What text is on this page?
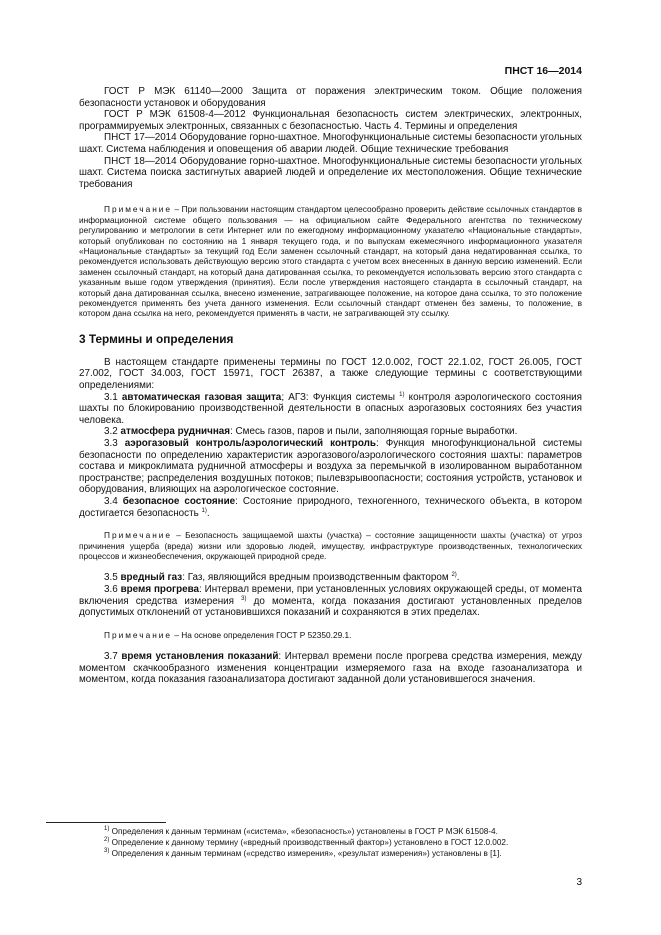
ПНСТ 16—2014

ГОСТ Р МЭК 61140—2000 Защита от поражения электрическим током. Общие положения безопасности установок и оборудования

ГОСТ Р МЭК 61508-4—2012 Функциональная безопасность систем электрических, электронных, программируемых электронных, связанных с безопасностью. Часть 4. Термины и определения

ПНСТ 17—2014 Оборудование горно-шахтное. Многофункциональные системы безопасности угольных шахт. Система наблюдения и оповещения об аварии людей. Общие технические требования

ПНСТ 18—2014 Оборудование горно-шахтное. Многофункциональные системы безопасности угольных шахт. Система поиска застигнутых аварией людей и определение их местоположения. Общие технические требования

Примечание – При пользовании настоящим стандартом целесообразно проверить действие ссылочных стандартов в информационной системе общего пользования — на официальном сайте Федерального агентства по техническому регулированию и метрологии в сети Интернет или по ежегодному информационному указателю «Национальные стандарты», который опубликован по состоянию на 1 января текущего года, и по выпускам ежемесячного информационного указателя «Национальные стандарты» за текущий год Если заменен ссылочный стандарт, на который дана недатированная ссылка, то рекомендуется использовать действующую версию этого стандарта с учетом всех внесенных в данную версию изменений. Если заменен ссылочный стандарт, на который дана датированная ссылка, то рекомендуется использовать версию этого стандарта с указанным выше годом утверждения (принятия). Если после утверждения настоящего стандарта в ссылочный стандарт, на который дана датированная ссылка, внесено изменение, затрагивающее положение, на которое дана ссылка, то это положение рекомендуется применять без учета данного изменения. Если ссылочный стандарт отменен без замены, то положение, в котором дана ссылка на него, рекомендуется применять в части, не затрагивающей эту ссылку.

3 Термины и определения

В настоящем стандарте применены термины по ГОСТ 12.0.002, ГОСТ 22.1.02, ГОСТ 26.005, ГОСТ 27.002, ГОСТ 34.003, ГОСТ 15971, ГОСТ 26387, а также следующие термины с соответствующими определениями:

3.1 автоматическая газовая защита; АГЗ: Функция системы $^{1)}$ контроля аэрологического состояния шахты по блокированию производственной деятельности в опасных аэрогазовых состояниях без участия человека.

3.2 атмосфера рудничная: Смесь газов, паров и пыли, заполняющая горные выработки.

3.3 аэрогазовый контроль/аэрологический контроль: Функция многофункциональной системы безопасности по определению характеристик аэрогазового/аэрологического состояния шахты: параметров состава и микроклимата рудничной атмосферы и воздуха за перемычкой в изолированном выработанном пространстве; распределения воздушных потоков; пылевзрывоопасности; состояния устройств, установок и оборудования, влияющих на аэрологическое состояние.

3.4 безопасное состояние: Состояние природного, техногенного, технического объекта, в котором достигается безопасность $^{1)}$.

Примечание – Безопасность защищаемой шахты (участка) – состояние защищенности шахты (участка) от угроз причинения ущерба (вреда) жизни или здоровью людей, имуществу, инфраструктуре производственных, технологических процессов и жизнеобеспечения, окружающей природной среде.

3.5 вредный газ: Газ, являющийся вредным производственным фактором $^{2)}$.

3.6 время прогрева: Интервал времени, при установленных условиях окружающей среды, от момента включения средства измерения $^{3)}$ до момента, когда показания достигают установленных пределов допустимых отклонений от установившихся показаний и сохраняются в этих пределах.

Примечание – На основе определения ГОСТ Р 52350.29.1.

3.7 время установления показаний: Интервал времени после прогрева средства измерения, между моментом скачкообразного изменения концентрации измеряемого газа на входе газоанализатора и моментом, когда показания газоанализатора достигают заданной доли установившегося значения.

$^{1)}$ Определения к данным терминам («система», «безопасность») установлены в ГОСТ Р МЭК 61508-4.

$^{2)}$ Определение к данному термину («вредный производственный фактор») установлено в ГОСТ 12.0.002.

$^{3)}$ Определения к данным терминам («средство измерения», «результат измерения») установлены в [1].

3
